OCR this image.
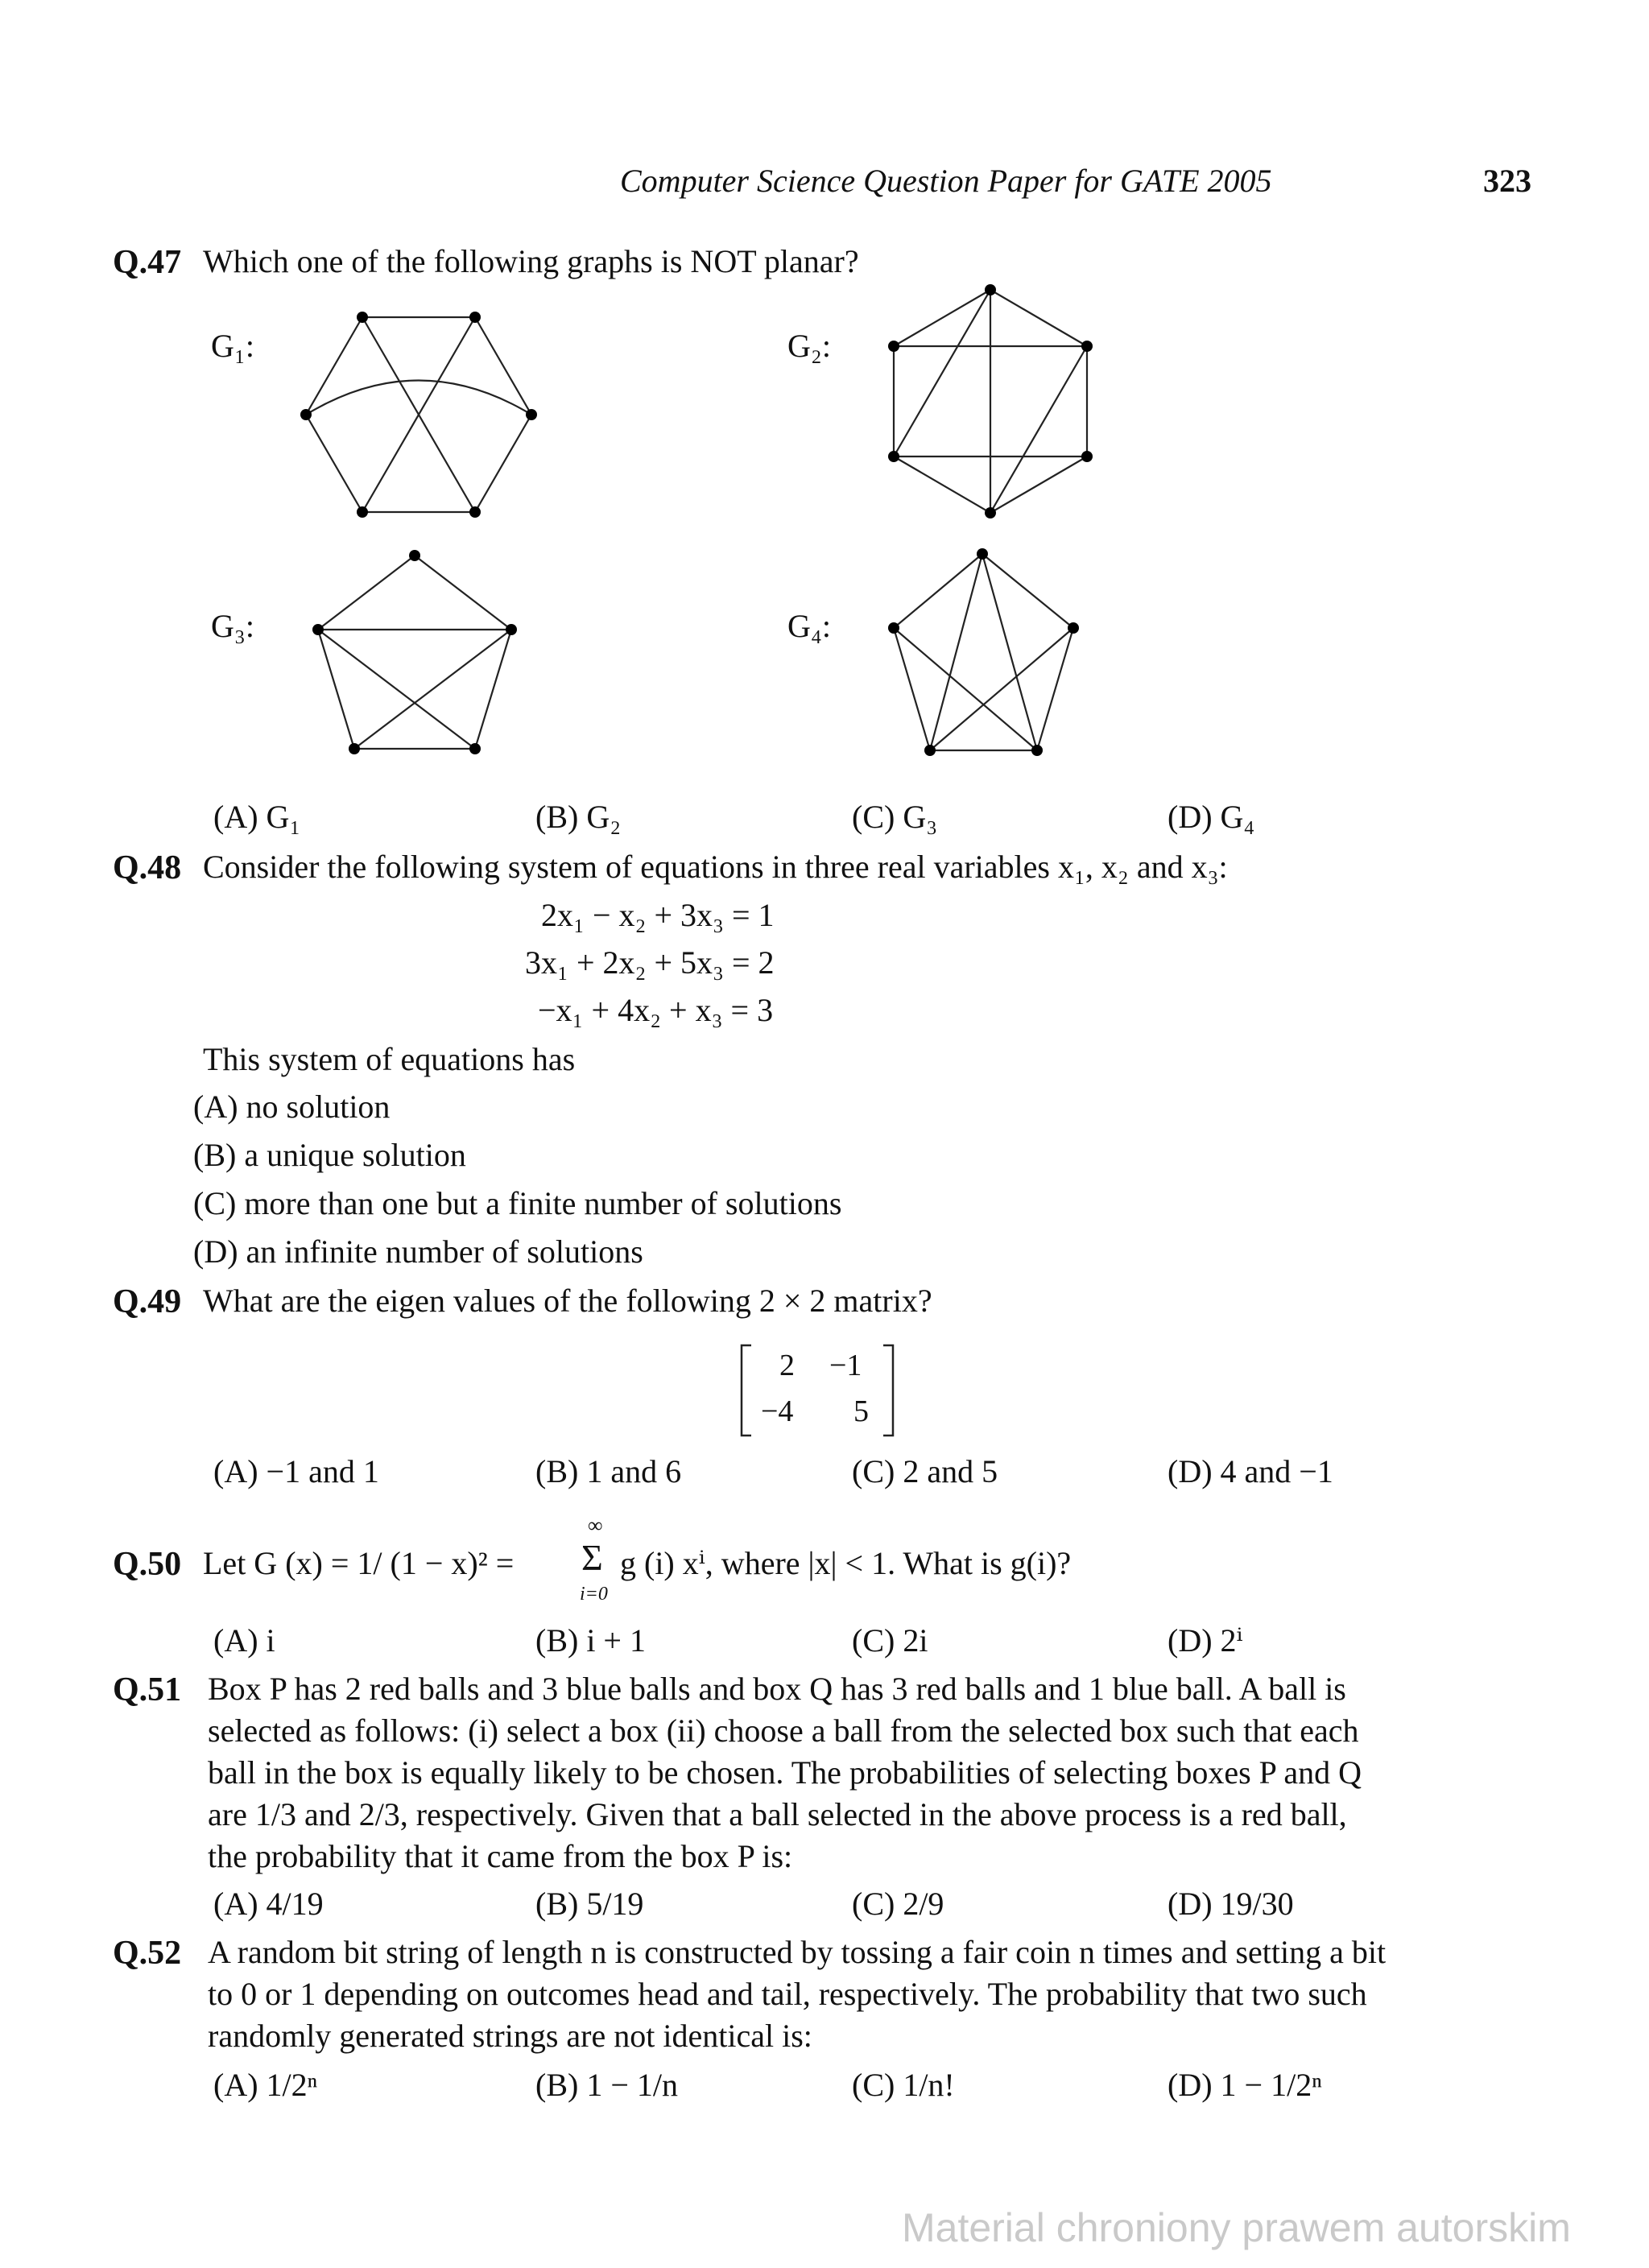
Computer Science Question Paper for GATE 2005	323
Q.47 Which one of the following graphs is NOT planar?
G₁:	G₂:
G₃:	G₄:
(A) G₁	(B) G₂	(C) G₃	(D) G₄
Q.48 Consider the following system of equations in three real variables x₁, x₂ and x₃:
2x₁ − x₂ + 3x₃ = 1
3x₁ + 2x₂ + 5x₃ = 2
−x₁ + 4x₂ + x₃ = 3
This system of equations has
(A) no solution
(B) a unique solution
(C) more than one but a finite number of solutions
(D) an infinite number of solutions
Q.49 What are the eigen values of the following 2 × 2 matrix?
2 −1
−4 5
(A) −1 and 1	(B) 1 and 6	(C) 2 and 5	(D) 4 and −1
Q.50 Let G (x) = 1/ (1 − x)² =
∞
Σ
i=0
g (i) xⁱ, where |x| < 1. What is g(i)?
(A) i	(B) i + 1	(C) 2i	(D) 2ⁱ
Q.51 Box P has 2 red balls and 3 blue balls and box Q has 3 red balls and 1 blue ball. A ball is
selected as follows: (i) select a box (ii) choose a ball from the selected box such that each
ball in the box is equally likely to be chosen. The probabilities of selecting boxes P and Q
are 1/3 and 2/3, respectively. Given that a ball selected in the above process is a red ball,
the probability that it came from the box P is:
(A) 4/19	(B) 5/19	(C) 2/9	(D) 19/30
Q.52 A random bit string of length n is constructed by tossing a fair coin n times and setting a bit
to 0 or 1 depending on outcomes head and tail, respectively. The probability that two such
randomly generated strings are not identical is:
(A) 1/2ⁿ	(B) 1 − 1/n	(C) 1/n!	(D) 1 − 1/2ⁿ
Material chroniony prawem autorskim
